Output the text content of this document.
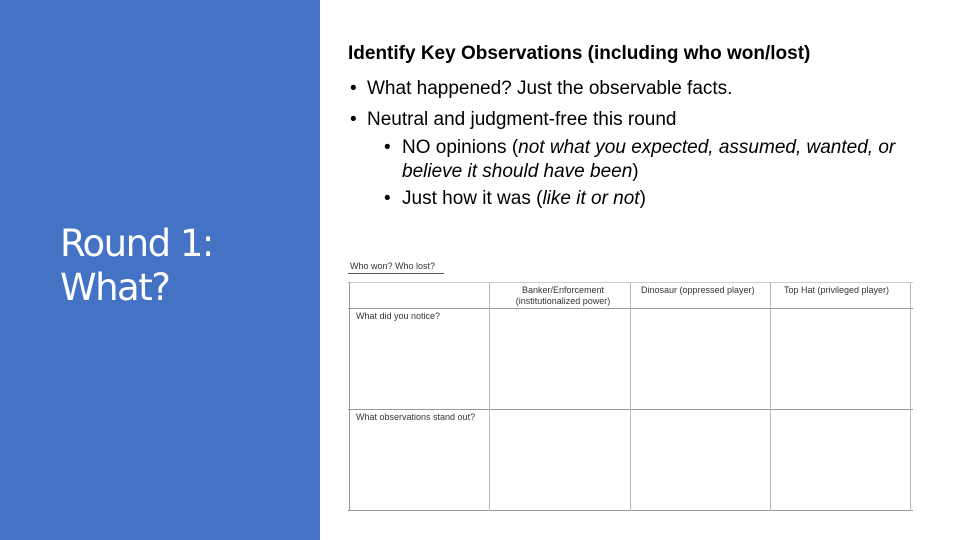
Round 1:
What?
Identify Key Observations (including who won/lost)
• What happened? Just the observable facts.
• Neutral and judgment-free this round
• NO opinions (not what you expected, assumed, wanted, or believe it should have been)
• Just how it was (like it or not)
Who won? Who lost?
Banker/Enforcement
(institutionalized power)
Dinosaur (oppressed player)	Top Hat (privileged player)
What did you notice?
What observations stand out?
